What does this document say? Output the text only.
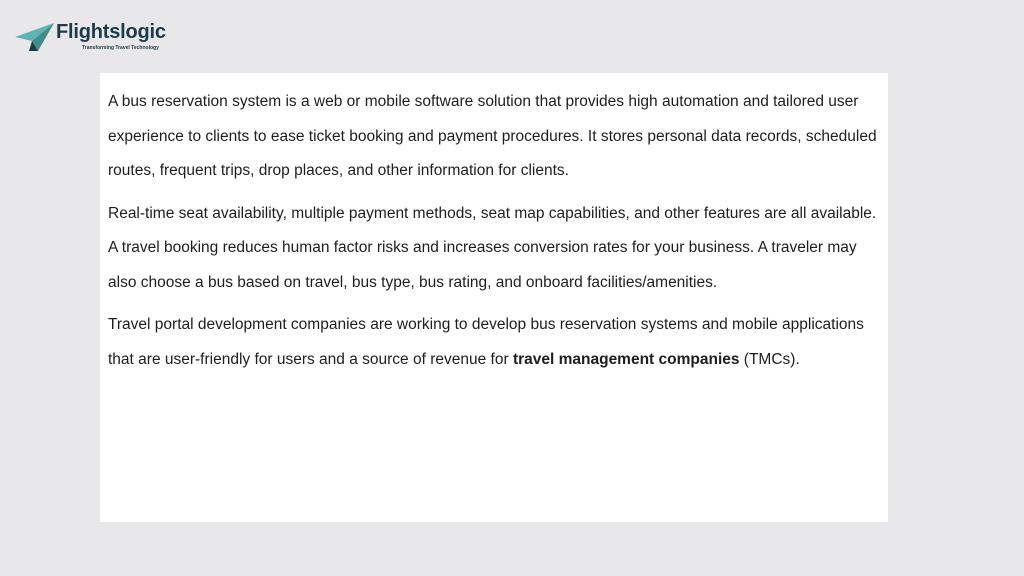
Flightslogic
Transforming Travel Technology

A bus reservation system is a web or mobile software solution that provides high automation and tailored user experience to clients to ease ticket booking and payment procedures. It stores personal data records, scheduled routes, frequent trips, drop places, and other information for clients.

Real-time seat availability, multiple payment methods, seat map capabilities, and other features are all available. A travel booking reduces human factor risks and increases conversion rates for your business. A traveler may also choose a bus based on travel, bus type, bus rating, and onboard facilities/amenities.

Travel portal development companies are working to develop bus reservation systems and mobile applications that are user-friendly for users and a source of revenue for travel management companies (TMCs).
